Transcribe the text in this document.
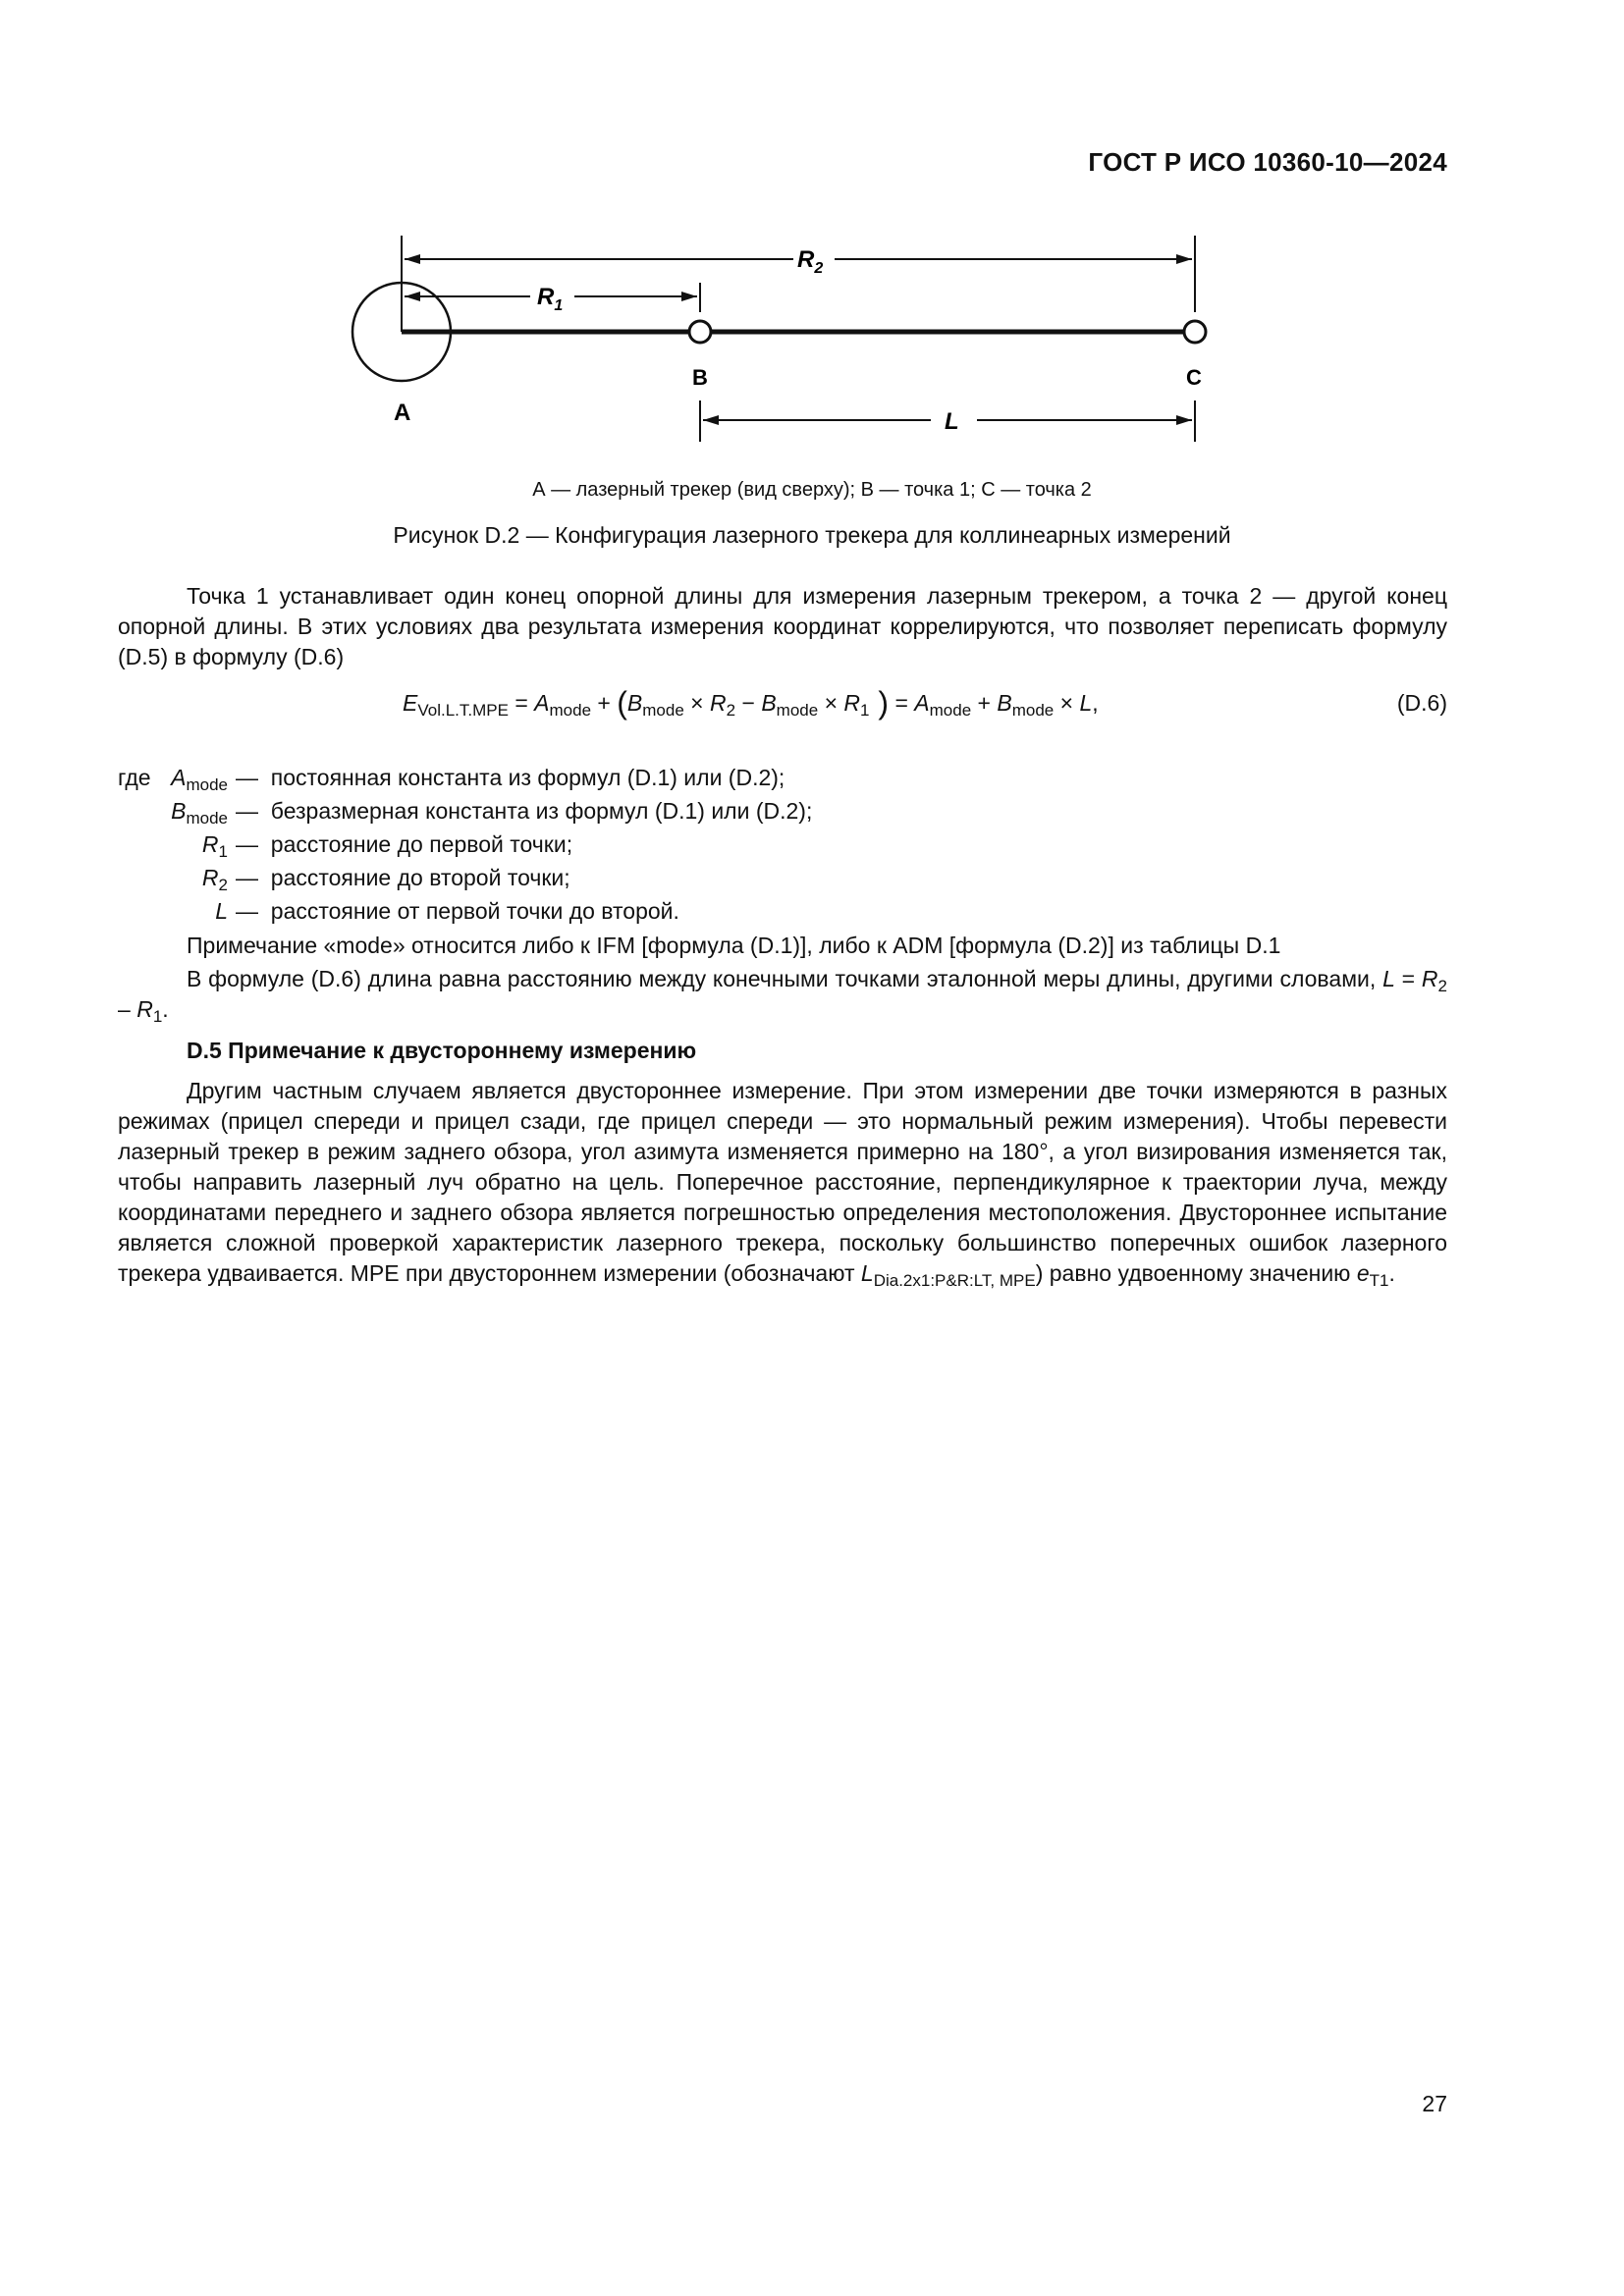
ГОСТ Р ИСО 10360-10—2024
$R_2$
$R_1$
L
A
B	C
А — лазерный трекер (вид сверху); В — точка 1; С — точка 2
Рисунок D.2 — Конфигурация лазерного трекера для коллинеарных измерений
Точка 1 устанавливает один конец опорной длины для измерения лазерным трекером, а точка 2 — другой конец опорной длины. В этих условиях два результата измерения координат коррелируются, что позволяет переписать формулу (D.5) в формулу (D.6)
$E_{Vol.L.T.MPE} = A_{mode} + (B_{mode} \times R_2 - B_{mode} \times R_1$ ) = $A_{mode} + B_{mode} \times L$,	(D.6)
где $A_{mode}$ —
постоянная константа из формул (D.1) или (D.2);
$B_{mode}$ —
безразмерная константа из формул (D.1) или (D.2);
$R_1$ —
расстояние до первой точки;
$R_2$ —
расстояние до второй точки;
L —
расстояние от первой точки до второй.
Примечание «mode» относится либо к IFM [формула (D.1)], либо к ADM [формула (D.2)] из таблицы D.1
В формуле (D.6) длина равна расстоянию между конечными точками эталонной меры длины, другими словами, $L = R_2 - R_1$.
D.5 Примечание к двустороннему измерению
Другим частным случаем является двустороннее измерение. При этом измерении две точки измеряются в разных режимах (прицел спереди и прицел сзади, где прицел спереди — это нормальный режим измерения). Чтобы перевести лазерный трекер в режим заднего обзора, угол азимута изменяется примерно на 180°, а угол визирования изменяется так, чтобы направить лазерный луч обратно на цель. Поперечное расстояние, перпендикулярное к траектории луча, между координатами переднего и заднего обзора является погрешностью определения местоположения. Двустороннее испытание является сложной проверкой характеристик лазерного трекера, поскольку большинство поперечных ошибок лазерного трекера удваивается. MPE при двустороннем измерении (обозначают $L_{Dia.2x1:P\&R:LT, MPE}$) равно удвоенному значению $e_{T1}$.
27
